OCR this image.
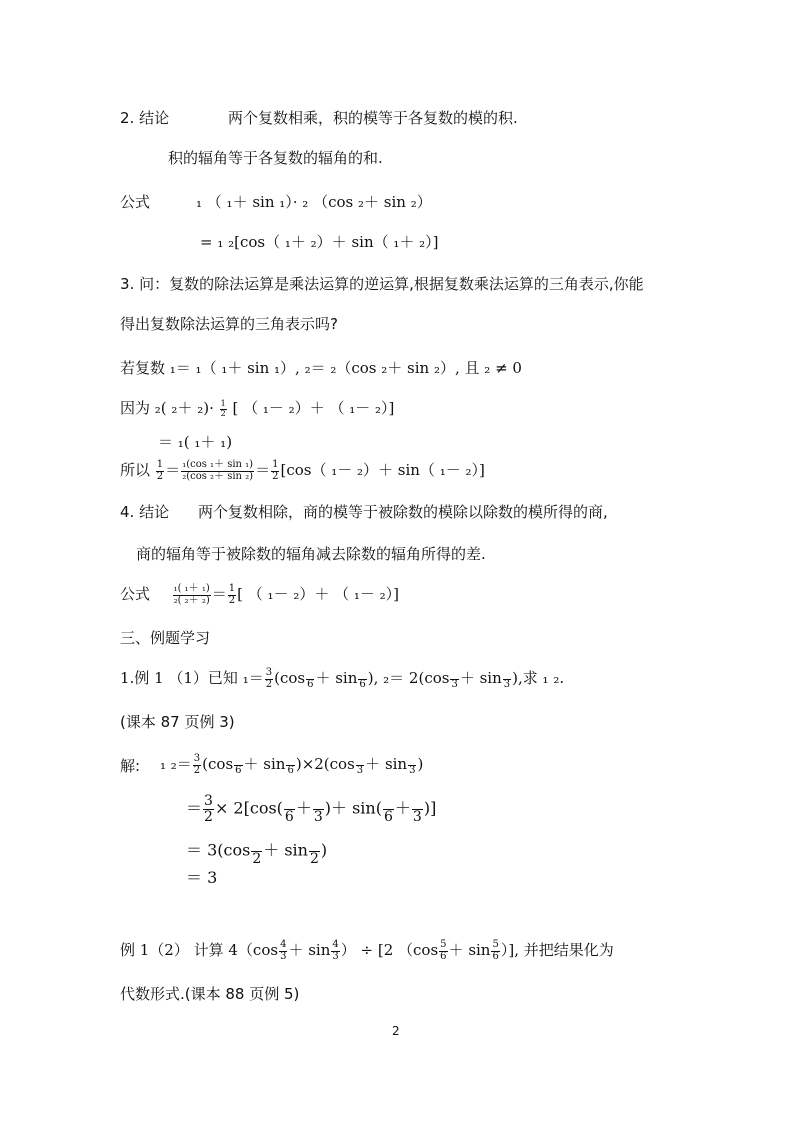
2. 结论	两个复数相乘，积的模等于各复数的模的积.
积的辐角等于各复数的辐角的和.
公式	₁ （ ₁＋ sin ₁）· ₂ （cos ₂＋ sin ₂）
= ₁ ₂[cos（ ₁＋ ₂）＋ sin（ ₁＋ ₂）]
3. 问：复数的除法运算是乘法运算的逆运算,根据复数乘法运算的三角表示,你能
得出复数除法运算的三角表示吗?
若复数 ₁＝ ₁（ ₁＋ sin ₁）, ₂＝ ₂（cos ₂＋ sin ₂）, 且 ₂ ≠ 0
因为 ₂( $_2+ _2)\cdot \frac{1}{2}$ [ （ ₁－ ₂）＋ （ ₁－ ₂）]
＝ ₁( ₁＋ ₁)
所以 $\frac{1}{2} = \frac{\text{₁(cos ₁＋ sin ₁)}}{\text{₂(cos ₂＋ sin ₂)}} = \frac{1}{2} [\cos$（ ₁－ ₂）＋ sin（ ₁－ ₂）]
4. 结论 两个复数相除，商的模等于被除数的模除以除数的模所得的商,
商的辐角等于被除数的辐角减去除数的辐角所得的差.
公式 $\frac{\text{₁( ₁＋ ₁)}}{\text{₂( ₂＋ ₂)}} = \frac{1}{2}$ [ （ ₁－ ₂）＋ （ ₁－ ₂）]
三、例题学习
1.例 1 （1）已知 $_1= \frac{3}{2} (\cos$
6 ＋ sin
6 ), ₂＝ 2(cos
3 ＋ sin
3 ),求 ₁ ₂.
(课本 87 页例 3)
解: ₁ $_2= \frac{3}{2} (\cos$
6 ＋ sin
6 )×2(cos
3 ＋ sin
3 )
＝ $\frac{3}{2} \times 2[\cos$(
6 ＋
3 )＋ sin(
6 ＋
3 )]
＝ 3(cos
2 ＋ sin
2 )
＝ 3
例 1（2） 计算 $4(\cos \frac{4}{3} + \sin \frac{4}{3}$ ） ÷ [2 （$\cos \frac{5}{6} + \sin \frac{5}{6}$ ）], 并把结果化为
代数形式.(课本 88 页例 5)
2
